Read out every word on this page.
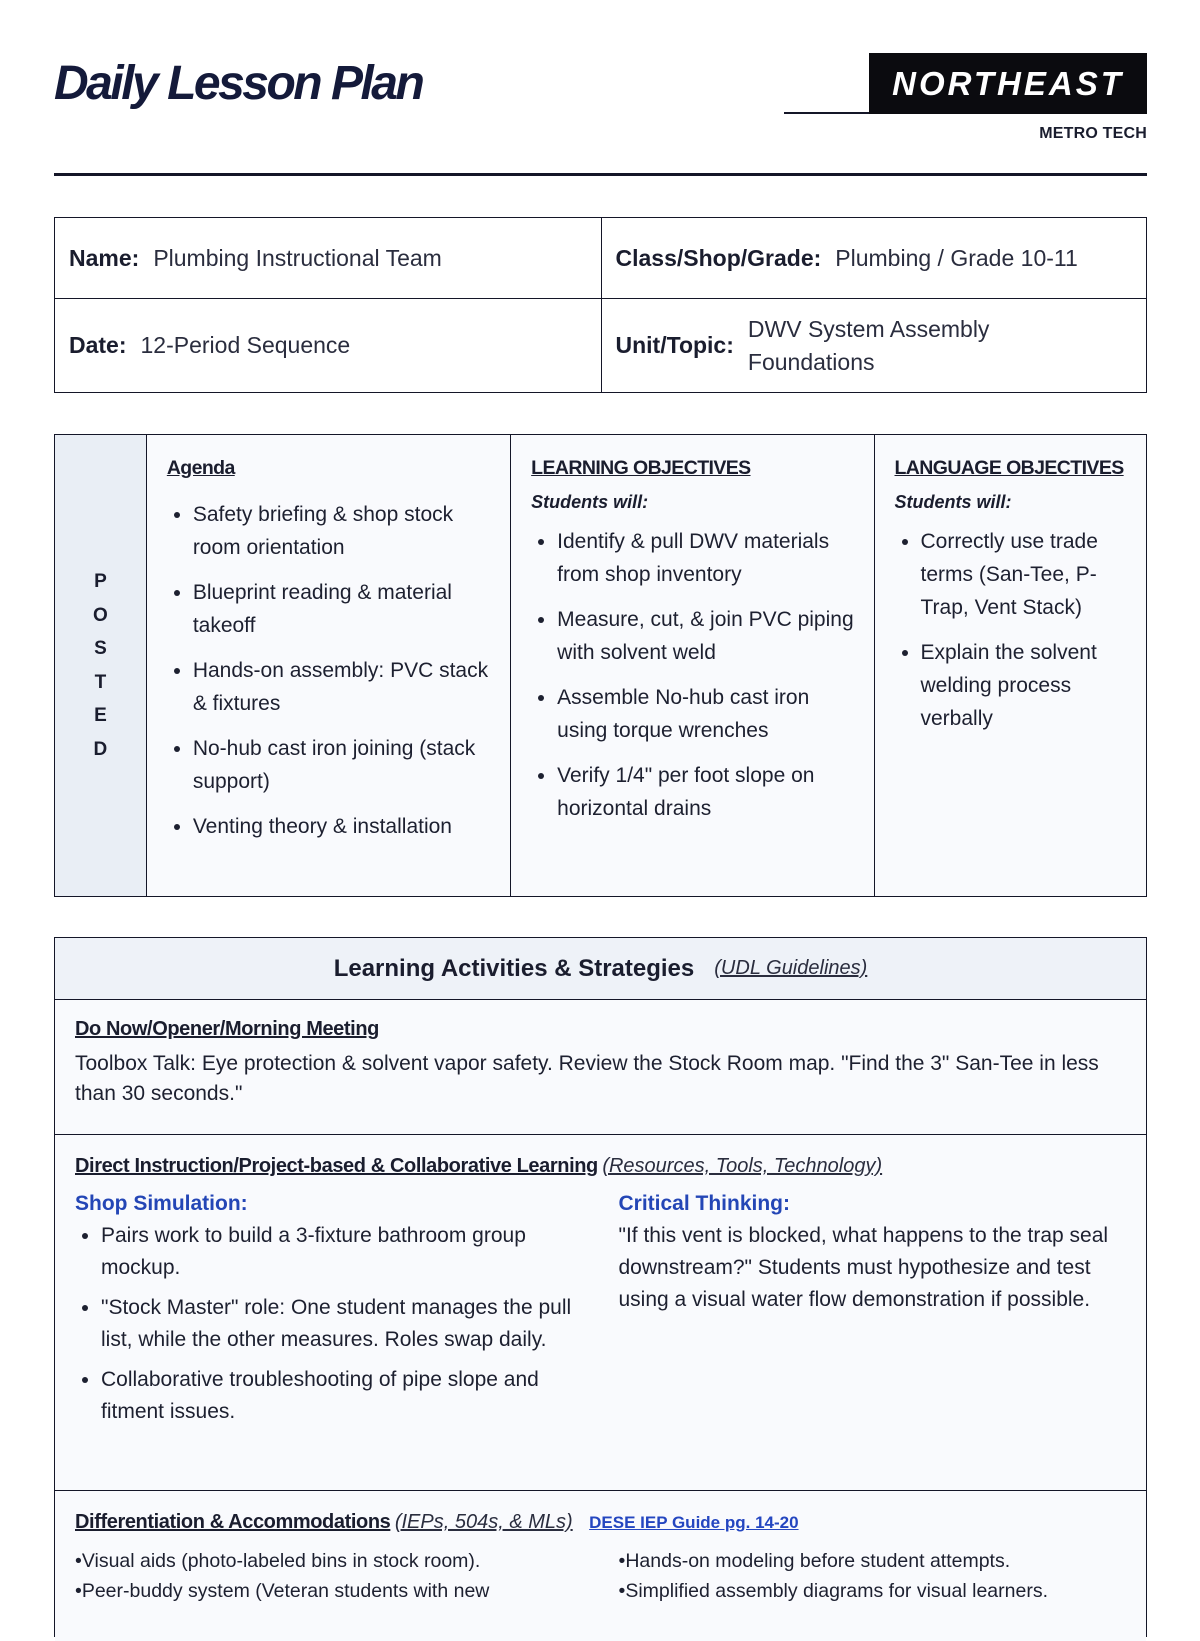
Daily Lesson Plan	NORTHEAST
METRO TECH
Name: Plumbing Instructional Team	Class/Shop/Grade: Plumbing / Grade 10-11
Date: 12-Period Sequence	Unit/Topic:
DWV System Assembly Foundations
P
O
S
T
E
D
Agenda
• Safety briefing & shop stock room orientation
• Blueprint reading & material takeoff
• Hands-on assembly: PVC stack & fixtures
• No-hub cast iron joining (stack support)
• Venting theory & installation
LEARNING OBJECTIVES
Students will:
• Identify & pull DWV materials from shop inventory
• Measure, cut, & join PVC piping with solvent weld
• Assemble No-hub cast iron using torque wrenches
• Verify 1/4" per foot slope on horizontal drains
LANGUAGE OBJECTIVES
Students will:
• Correctly use trade terms (San-Tee, P-Trap, Vent Stack)
• Explain the solvent welding process verbally
Learning Activities & Strategies (UDL Guidelines)
Do Now/Opener/Morning Meeting
Toolbox Talk: Eye protection & solvent vapor safety. Review the Stock Room map. "Find the 3" San-Tee in less than 30 seconds."
Direct Instruction/Project-based & Collaborative Learning (Resources, Tools, Technology)
Shop Simulation:
• Pairs work to build a 3-fixture bathroom group mockup.
• "Stock Master" role: One student manages the pull list, while the other measures. Roles swap daily.
• Collaborative troubleshooting of pipe slope and fitment issues.
Critical Thinking:
"If this vent is blocked, what happens to the trap seal downstream?" Students must hypothesize and test using a visual water flow demonstration if possible.
Differentiation & Accommodations (IEPs, 504s, & MLs) DESE IEP Guide pg. 14-20
• Visual aids (photo-labeled bins in stock room).
• Peer-buddy system (Veteran students with new
• Hands-on modeling before student attempts.
• Simplified assembly diagrams for visual learners.
